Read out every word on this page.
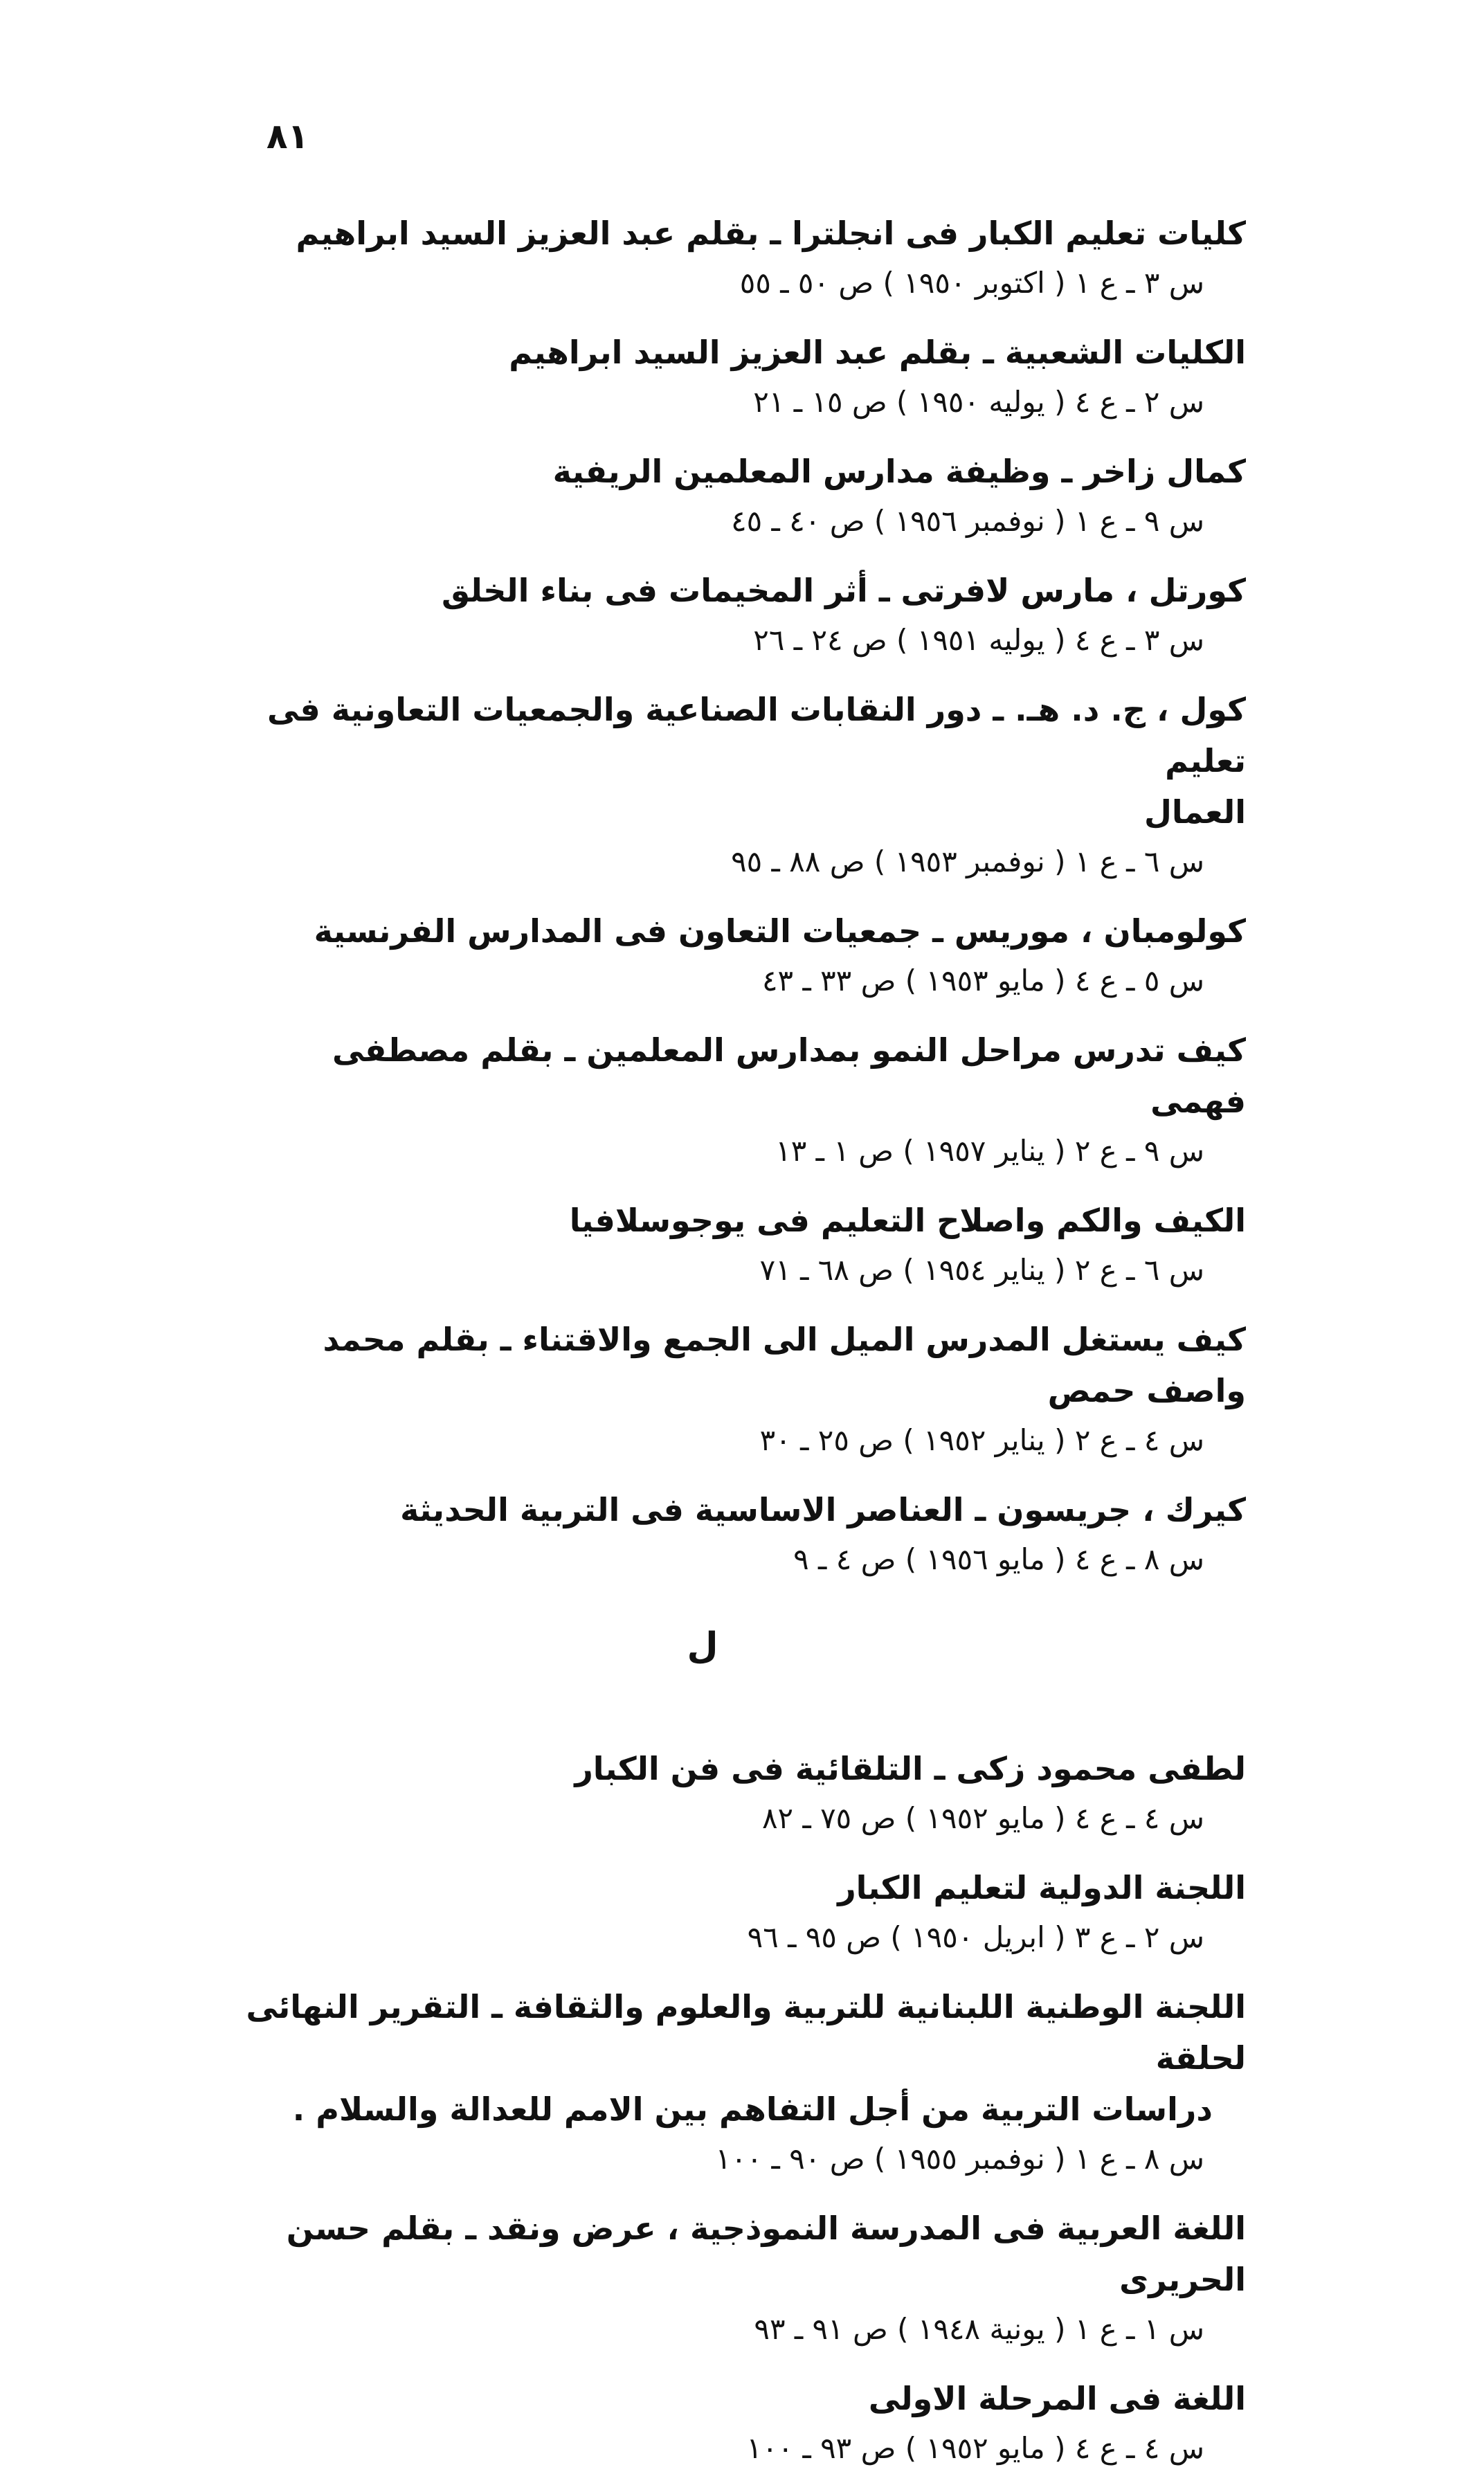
٨١
كليات تعليم الكبار فى انجلترا ـ بقلم عبد العزيز السيد ابراهيم
س ٣ ـ ع ١ ( اكتوبر ١٩٥٠ ) ص ٥٠ ـ ٥٥
الكليات الشعبية ـ بقلم عبد العزيز السيد ابراهيم
س ٢ ـ ع ٤ ( يوليه ١٩٥٠ ) ص ١٥ ـ ٢١
كمال زاخر ـ وظيفة مدارس المعلمين الريفية
س ٩ ـ ع ١ ( نوفمبر ١٩٥٦ ) ص ٤٠ ـ ٤٥
كورتل ، مارس لافرتى ـ أثر المخيمات فى بناء الخلق
س ٣ ـ ع ٤ ( يوليه ١٩٥١ ) ص ٢٤ ـ ٢٦
كول ، ج. د. هـ. ـ دور النقابات الصناعية والجمعيات التعاونية فى تعليم
العمال
س ٦ ـ ع ١ ( نوفمبر ١٩٥٣ ) ص ٨٨ ـ ٩٥
كولومبان ، موريس ـ جمعيات التعاون فى المدارس الفرنسية
س ٥ ـ ع ٤ ( مايو ١٩٥٣ ) ص ٣٣ ـ ٤٣
كيف تدرس مراحل النمو بمدارس المعلمين ـ بقلم مصطفى فهمى
س ٩ ـ ع ٢ ( يناير ١٩٥٧ ) ص ١ ـ ١٣
الكيف والكم واصلاح التعليم فى يوجوسلافيا
س ٦ ـ ع ٢ ( يناير ١٩٥٤ ) ص ٦٨ ـ ٧١
كيف يستغل المدرس الميل الى الجمع والاقتناء ـ بقلم محمد واصف حمص
س ٤ ـ ع ٢ ( يناير ١٩٥٢ ) ص ٢٥ ـ ٣٠
كيرك ، جريسون ـ العناصر الاساسية فى التربية الحديثة
س ٨ ـ ع ٤ ( مايو ١٩٥٦ ) ص ٤ ـ ٩
ل
لطفى محمود زكى ـ التلقائية فى فن الكبار
س ٤ ـ ع ٤ ( مايو ١٩٥٢ ) ص ٧٥ ـ ٨٢
اللجنة الدولية لتعليم الكبار
س ٢ ـ ع ٣ ( ابريل ١٩٥٠ ) ص ٩٥ ـ ٩٦
اللجنة الوطنية اللبنانية للتربية والعلوم والثقافة ـ التقرير النهائى لحلقة
دراسات التربية من أجل التفاهم بين الامم للعدالة والسلام .
س ٨ ـ ع ١ ( نوفمبر ١٩٥٥ ) ص ٩٠ ـ ١٠٠
اللغة العربية فى المدرسة النموذجية ، عرض ونقد ـ بقلم حسن الحريرى
س ١ ـ ع ١ ( يونية ١٩٤٨ ) ص ٩١ ـ ٩٣
اللغة فى المرحلة الاولى
س ٤ ـ ع ٤ ( مايو ١٩٥٢ ) ص ٩٣ ـ ١٠٠
